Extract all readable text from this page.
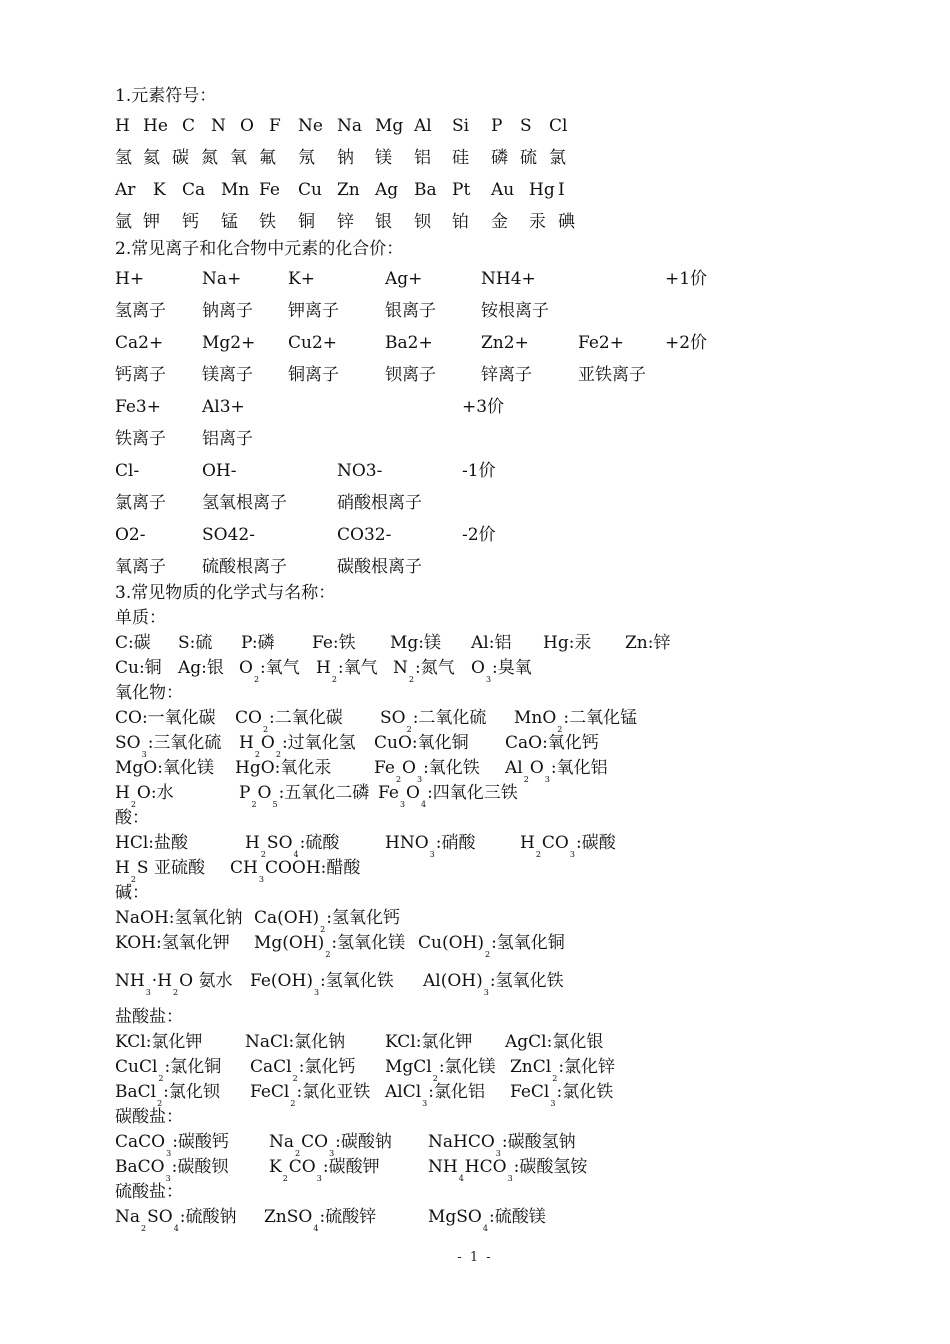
1.元素符号：
H He C N O F Ne Na Mg Al Si P S Cl
氢 氦 碳 氮 氧 氟 氖 钠 镁 铝 硅 磷 硫 氯
Ar K Ca Mn Fe Cu Zn Ag Ba Pt Au Hg I
氩 钾 钙 锰 铁 铜 锌 银 钡 铂 金 汞 碘
2.常见离子和化合物中元素的化合价：
H+	Na+	K+	Ag+	NH4+	+1价
氢离子 钠离子 钾离子	银离子	铵根离子
Ca2+ Mg2+ Cu2+	Ba2+	Zn2+	Fe2+ +2价
钙离子 镁离子 铜离子	钡离子	锌离子	亚铁离子
Fe3+ Al3+	+3价
铁离子 铝离子
Cl-	OH-	NO3-	-1价
氯离子 氢氧根离子	硝酸根离子
O2-	SO42-	CO32-	-2价
氧离子 硫酸根离子	碳酸根离子
3.常见物质的化学式与名称：
单质：
C:碳 S:硫 P:磷 Fe:铁 Mg:镁 Al:铝 Hg:汞 Zn:锌
Cu:铜 Ag:银 $O_2$:氧气 $H_2$:氧气 $N_2$:氮气 $O_3$:臭氧
氧化物：
CO:一氧化碳 $CO_2$:二氧化碳 $SO_2$:二氧化硫 MnO$_2$:二氧化锰
$SO_3$:三氧化硫 $H_2O_2$:过氧化氢 CuO:氧化铜 CaO:氧化钙
MgO:氧化镁 HgO:氧化汞	$Fe_2O_3$:氧化铁 $Al_2O_3$:氧化铝
$H_2O$:水	$P_2O_5$:五氧化二磷 $Fe_3O_4$:四氧化三铁
酸：
HCl:盐酸	$H_2SO_4$:硫酸	$HNO_3$:硝酸	$H_2CO_3$:碳酸
$H_2S$ 亚硫酸 $CH_3COOH$:醋酸
碱：
NaOH:氢氧化钠 $Ca(OH)_2$:氢氧化钙
KOH:氢氧化钾 $Mg(OH)_2$:氢氧化镁 $Cu(OH)_2$:氢氧化铜
$NH_3\cdot H_2O$ 氨水 $Fe(OH)_3$:氢氧化铁 $Al(OH)_3$:氢氧化铁
盐酸盐：
KCl:氯化钾	NaCl:氯化钠 KCl:氯化钾 AgCl:氯化银
CuCl$_2$:氯化铜 CaCl$_2$:氯化钙 MgCl$_2$:氯化镁 ZnCl$_2$:氯化锌
BaCl$_2$:氯化钡 FeCl$_2$:氯化亚铁 AlCl$_3$:氯化铝 FeCl$_3$:氯化铁
碳酸盐：
CaCO$_3$:碳酸钙 $Na_2CO_3$:碳酸钠 NaHCO$_3$:碳酸氢钠
BaCO$_3$:碳酸钡 $K_2CO_3$:碳酸钾	$NH_4HCO_3$:碳酸氢铵
硫酸盐：
$Na_2SO_4$:硫酸钠 ZnSO$_4$:硫酸锌	MgSO$_4$:硫酸镁
- 1 -
